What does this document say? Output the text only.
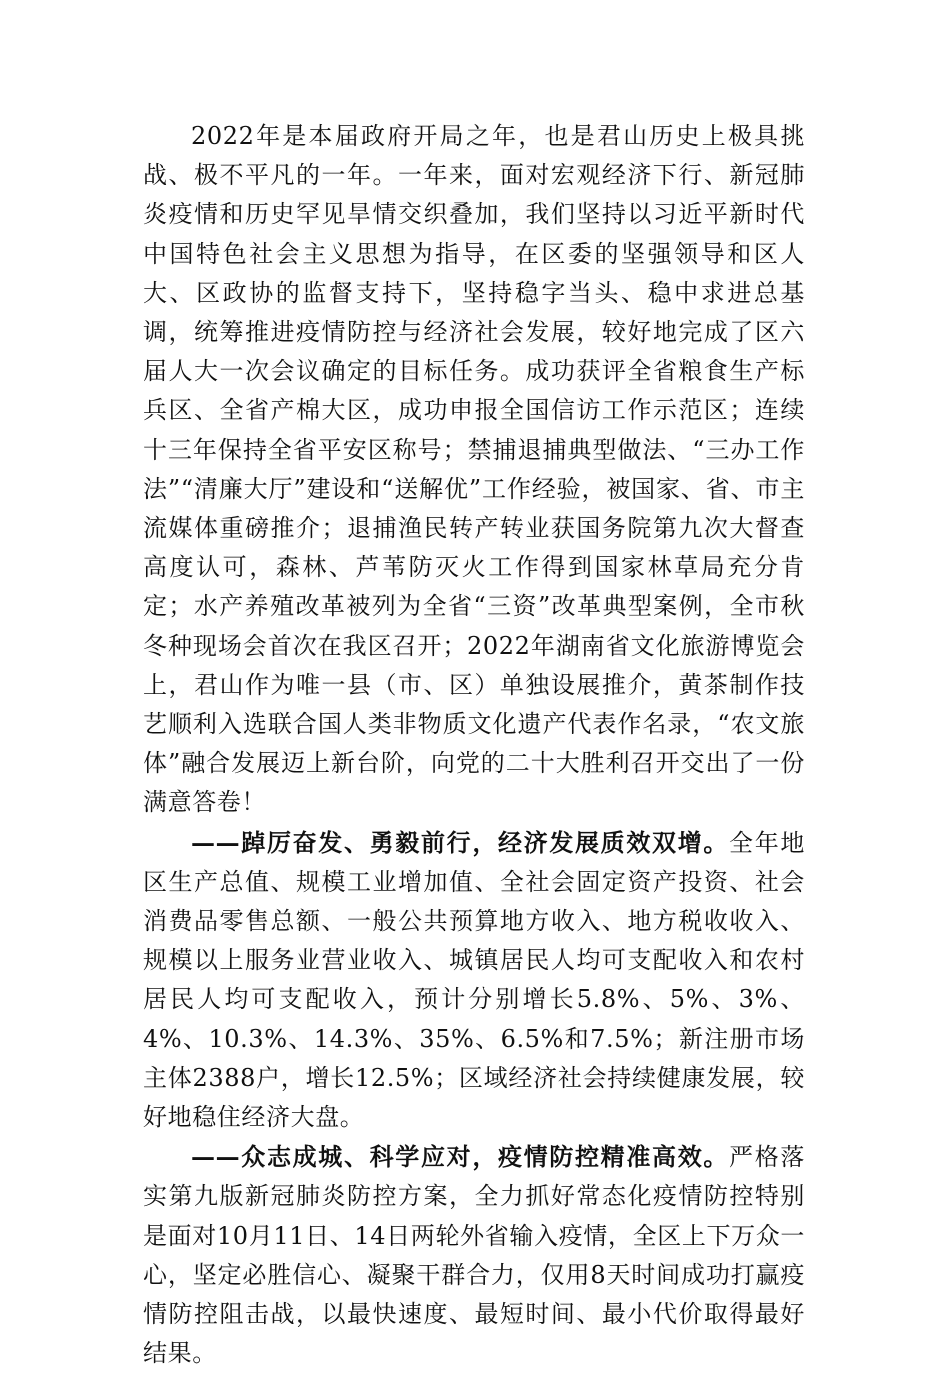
2022年是本届政府开局之年，也是君山历史上极具挑战、极不平凡的一年。一年来，面对宏观经济下行、新冠肺炎疫情和历史罕见旱情交织叠加，我们坚持以习近平新时代中国特色社会主义思想为指导，在区委的坚强领导和区人大、区政协的监督支持下，坚持稳字当头、稳中求进总基调，统筹推进疫情防控与经济社会发展，较好地完成了区六届人大一次会议确定的目标任务。成功获评全省粮食生产标兵区、全省产棉大区，成功申报全国信访工作示范区；连续十三年保持全省平安区称号；禁捕退捕典型做法、“三办工作法”“清廉大厅”建设和“送解优”工作经验，被国家、省、市主流媒体重磅推介；退捕渔民转产转业获国务院第九次大督查高度认可，森林、芦苇防灭火工作得到国家林草局充分肯定；水产养殖改革被列为全省“三资”改革典型案例，全市秋冬种现场会首次在我区召开；2022年湖南省文化旅游博览会上，君山作为唯一县（市、区）单独设展推介，黄茶制作技艺顺利入选联合国人类非物质文化遗产代表作名录，“农文旅体”融合发展迈上新台阶，向党的二十大胜利召开交出了一份满意答卷！

——踔厉奋发、勇毅前行，经济发展质效双增。全年地区生产总值、规模工业增加值、全社会固定资产投资、社会消费品零售总额、一般公共预算地方收入、地方税收收入、规模以上服务业营业收入、城镇居民人均可支配收入和农村居民人均可支配收入，预计分别增长5.8%、5%、3%、4%、10.3%、14.3%、35%、6.5%和7.5%；新注册市场主体2388户，增长12.5%；区域经济社会持续健康发展，较好地稳住经济大盘。

——众志成城、科学应对，疫情防控精准高效。严格落实第九版新冠肺炎防控方案，全力抓好常态化疫情防控特别是面对10月11日、14日两轮外省输入疫情，全区上下万众一心，坚定必胜信心、凝聚干群合力，仅用8天时间成功打赢疫情防控阻击战，以最快速度、最短时间、最小代价取得最好结果。
